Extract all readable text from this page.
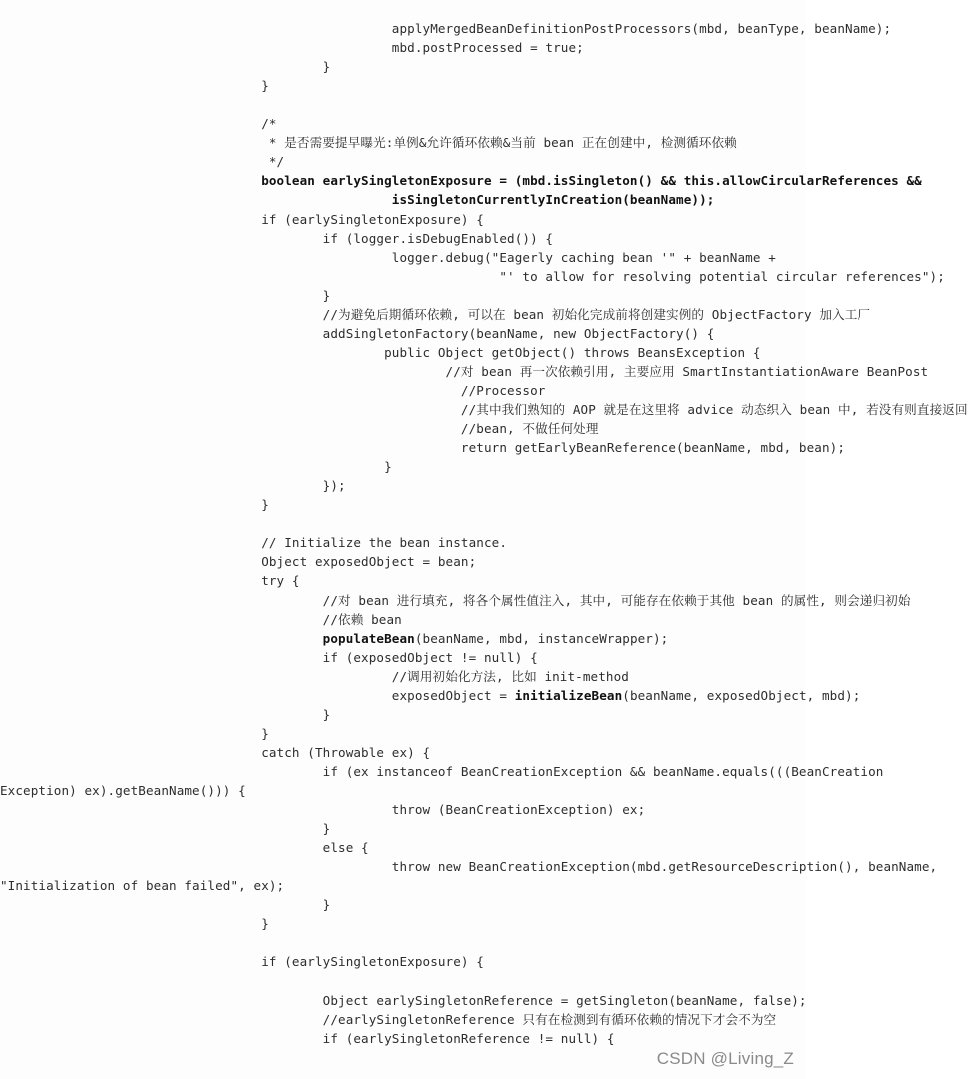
applyMergedBeanDefinitionPostProcessors(mbd, beanType, beanName);
mbd.postProcessed = true;
}
}
/*
* 是否需要提早曝光:单例&允许循环依赖&当前 bean 正在创建中, 检测循环依赖
*/
boolean earlySingletonExposure = (mbd.isSingleton() && this.allowCircularReferences &&
isSingletonCurrentlyInCreation(beanName));
if (earlySingletonExposure) {
if (logger.isDebugEnabled()) {
logger.debug("Eagerly caching bean '" + beanName +
"' to allow for resolving potential circular references");
}
//为避免后期循环依赖, 可以在 bean 初始化完成前将创建实例的 ObjectFactory 加入工厂
addSingletonFactory(beanName, new ObjectFactory() {
public Object getObject() throws BeansException {
//对 bean 再一次依赖引用, 主要应用 SmartInstantiationAware BeanPost
//Processor
//其中我们熟知的 AOP 就是在这里将 advice 动态织入 bean 中, 若没有则直接返回
//bean, 不做任何处理
return getEarlyBeanReference(beanName, mbd, bean);
}
});
}
// Initialize the bean instance.
Object exposedObject = bean;
try {
//对 bean 进行填充, 将各个属性值注入, 其中, 可能存在依赖于其他 bean 的属性, 则会递归初始
//依赖 bean
populateBean(beanName, mbd, instanceWrapper);
if (exposedObject != null) {
//调用初始化方法, 比如 init-method
exposedObject = initializeBean(beanName, exposedObject, mbd);
}
}
catch (Throwable ex) {
if (ex instanceof BeanCreationException && beanName.equals(((BeanCreation
Exception) ex).getBeanName())) {
throw (BeanCreationException) ex;
}
else {
throw new BeanCreationException(mbd.getResourceDescription(), beanName,
"Initialization of bean failed", ex);
}
}
if (earlySingletonExposure) {
Object earlySingletonReference = getSingleton(beanName, false);
//earlySingletonReference 只有在检测到有循环依赖的情况下才会不为空
if (earlySingletonReference != null) {
CSDN @Living_Z
